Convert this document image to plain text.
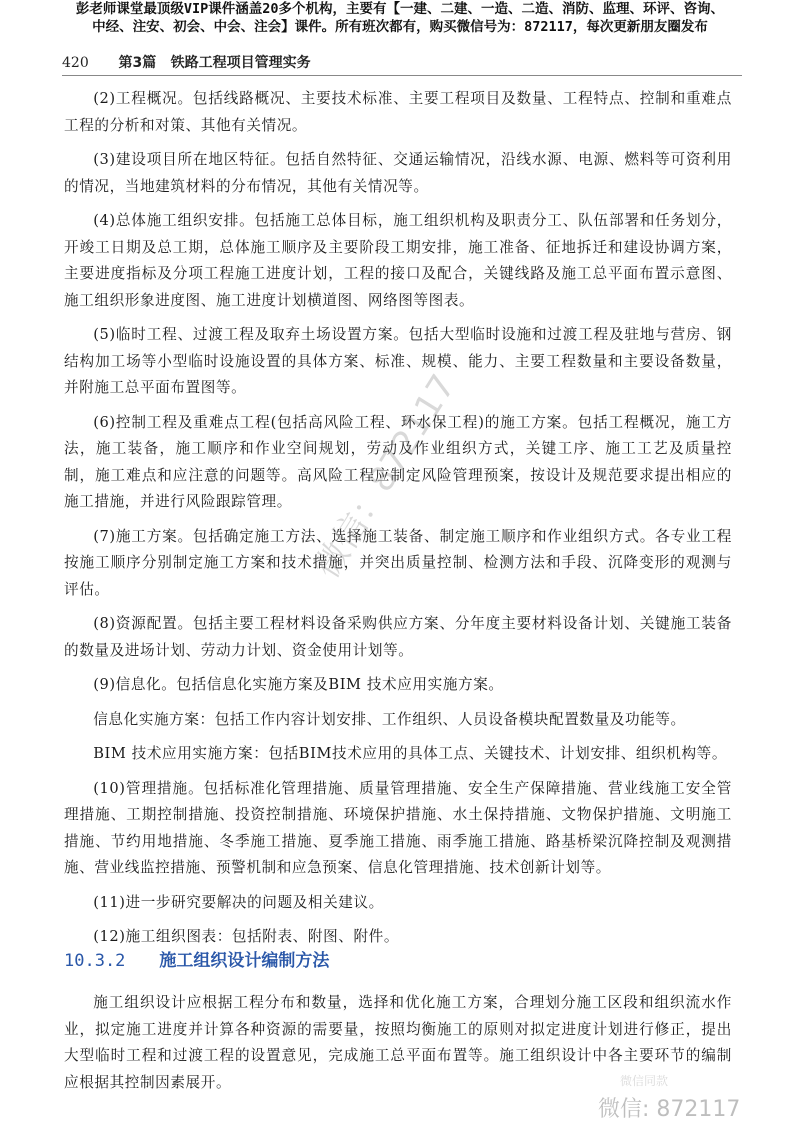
彭老师课堂最顶级VIP课件涵盖20多个机构，主要有【一建、二建、一造、二造、消防、监理、环评、咨询、
中经、注安、初会、中会、注会】课件。所有班次都有，购买微信号为：872117，每次更新朋友圈发布
420 第3篇 铁路工程项目管理实务

(2)工程概况。包括线路概况、主要技术标准、主要工程项目及数量、工程特点、控制和重难点工程的分析和对策、其他有关情况。

(3)建设项目所在地区特征。包括自然特征、交通运输情况，沿线水源、电源、燃料等可资利用的情况，当地建筑材料的分布情况，其他有关情况等。

(4)总体施工组织安排。包括施工总体目标，施工组织机构及职责分工、队伍部署和任务划分，开竣工日期及总工期，总体施工顺序及主要阶段工期安排，施工准备、征地拆迁和建设协调方案，主要进度指标及分项工程施工进度计划，工程的接口及配合，关键线路及施工总平面布置示意图、施工组织形象进度图、施工进度计划横道图、网络图等图表。

(5)临时工程、过渡工程及取弃土场设置方案。包括大型临时设施和过渡工程及驻地与营房、钢结构加工场等小型临时设施设置的具体方案、标准、规模、能力、主要工程数量和主要设备数量，并附施工总平面布置图等。

(6)控制工程及重难点工程(包括高风险工程、环水保工程)的施工方案。包括工程概况，施工方法，施工装备，施工顺序和作业空间规划，劳动及作业组织方式，关键工序、施工工艺及质量控制，施工难点和应注意的问题等。高风险工程应制定风险管理预案，按设计及规范要求提出相应的施工措施，并进行风险跟踪管理。

(7)施工方案。包括确定施工方法、选择施工装备、制定施工顺序和作业组织方式。各专业工程按施工顺序分别制定施工方案和技术措施，并突出质量控制、检测方法和手段、沉降变形的观测与评估。

(8)资源配置。包括主要工程材料设备采购供应方案、分年度主要材料设备计划、关键施工装备的数量及进场计划、劳动力计划、资金使用计划等。

(9)信息化。包括信息化实施方案及BIM 技术应用实施方案。

信息化实施方案：包括工作内容计划安排、工作组织、人员设备模块配置数量及功能等。

BIM 技术应用实施方案：包括BIM技术应用的具体工点、关键技术、计划安排、组织机构等。

(10)管理措施。包括标准化管理措施、质量管理措施、安全生产保障措施、营业线施工安全管理措施、工期控制措施、投资控制措施、环境保护措施、水土保持措施、文物保护措施、文明施工措施、节约用地措施、冬季施工措施、夏季施工措施、雨季施工措施、路基桥梁沉降控制及观测措施、营业线监控措施、预警机制和应急预案、信息化管理措施、技术创新计划等。

(11)进一步研究要解决的问题及相关建议。

(12)施工组织图表：包括附表、附图、附件。

10.3.2 施工组织设计编制方法

施工组织设计应根据工程分布和数量，选择和优化施工方案，合理划分施工区段和组织流水作业，拟定施工进度并计算各种资源的需要量，按照均衡施工的原则对拟定进度计划进行修正，提出大型临时工程和过渡工程的设置意见，完成施工总平面布置等。施工组织设计中各主要环节的编制应根据其控制因素展开。

微信：872117
微信同款
微信: 872117
